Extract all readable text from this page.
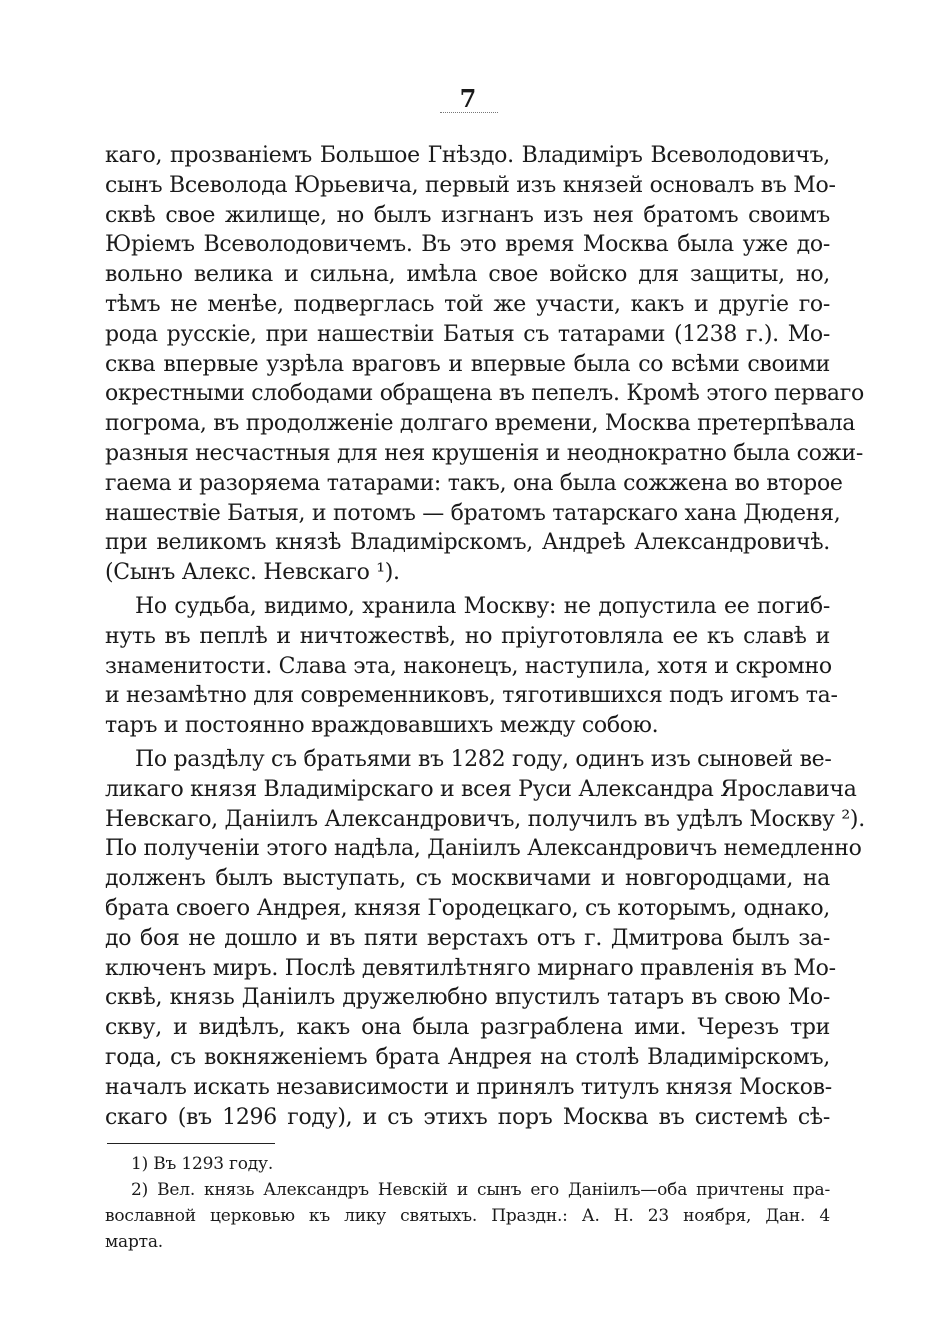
7
каго, прозваніемъ Большое Гнѣздо. Владиміръ Всеволодовичъ,
сынъ Всеволода Юрьевича, первый изъ князей основалъ въ Мо-
сквѣ свое жилище, но былъ изгнанъ изъ нея братомъ своимъ
Юріемъ Всеволодовичемъ. Въ это время Москва была уже до-
вольно велика и сильна, имѣла свое войско для защиты, но,
тѣмъ не менѣе, подверглась той же участи, какъ и другіе го-
рода русскіе, при нашествіи Батыя съ татарами (1238 г.). Мо-
сква впервые узрѣла враговъ и впервые была со всѣми своими
окрестными слободами обращена въ пепелъ. Кромѣ этого перваго
погрома, въ продолженіе долгаго времени, Москва претерпѣвала
разныя несчастныя для нея крушенія и неоднократно была сожи-
гаема и разоряема татарами: такъ, она была сожжена во второе
нашествіе Батыя, и потомъ — братомъ татарскаго хана Дюденя,
при великомъ князѣ Владимірскомъ, Андреѣ Александровичѣ.
(Сынъ Алекс. Невскаго ¹).
Но судьба, видимо, хранила Москву: не допустила ее погиб-
нуть въ пеплѣ и ничтожествѣ, но пріуготовляла ее къ славѣ и
знаменитости. Слава эта, наконецъ, наступила, хотя и скромно
и незамѣтно для современниковъ, тяготившихся подъ игомъ та-
таръ и постоянно враждовавшихъ между собою.
По раздѣлу съ братьями въ 1282 году, одинъ изъ сыновей ве-
ликаго князя Владимірскаго и всея Руси Александра Ярославича
Невскаго, Даніилъ Александровичъ, получилъ въ удѣлъ Москву ²).
По полученіи этого надѣла, Даніилъ Александровичъ немедленно
долженъ былъ выступать, съ москвичами и новгородцами, на
брата своего Андрея, князя Городецкаго, съ которымъ, однако,
до боя не дошло и въ пяти верстахъ отъ г. Дмитрова былъ за-
ключенъ миръ. Послѣ девятилѣтняго мирнаго правленія въ Мо-
сквѣ, князь Даніилъ дружелюбно впустилъ татаръ въ свою Мо-
скву, и видѣлъ, какъ она была разграблена ими. Черезъ три
года, съ вокняженіемъ брата Андрея на столѣ Владимірскомъ,
началъ искать независимости и принялъ титулъ князя Москов-
скаго (въ 1296 году), и съ этихъ поръ Москва въ системѣ сѣ-
1) Въ 1293 году.
2) Вел. князь Александръ Невскій и сынъ его Даніилъ—оба причтены пра-
вославной церковью къ лику святыхъ. Праздн.: А. Н. 23 ноября, Дан. 4
марта.
